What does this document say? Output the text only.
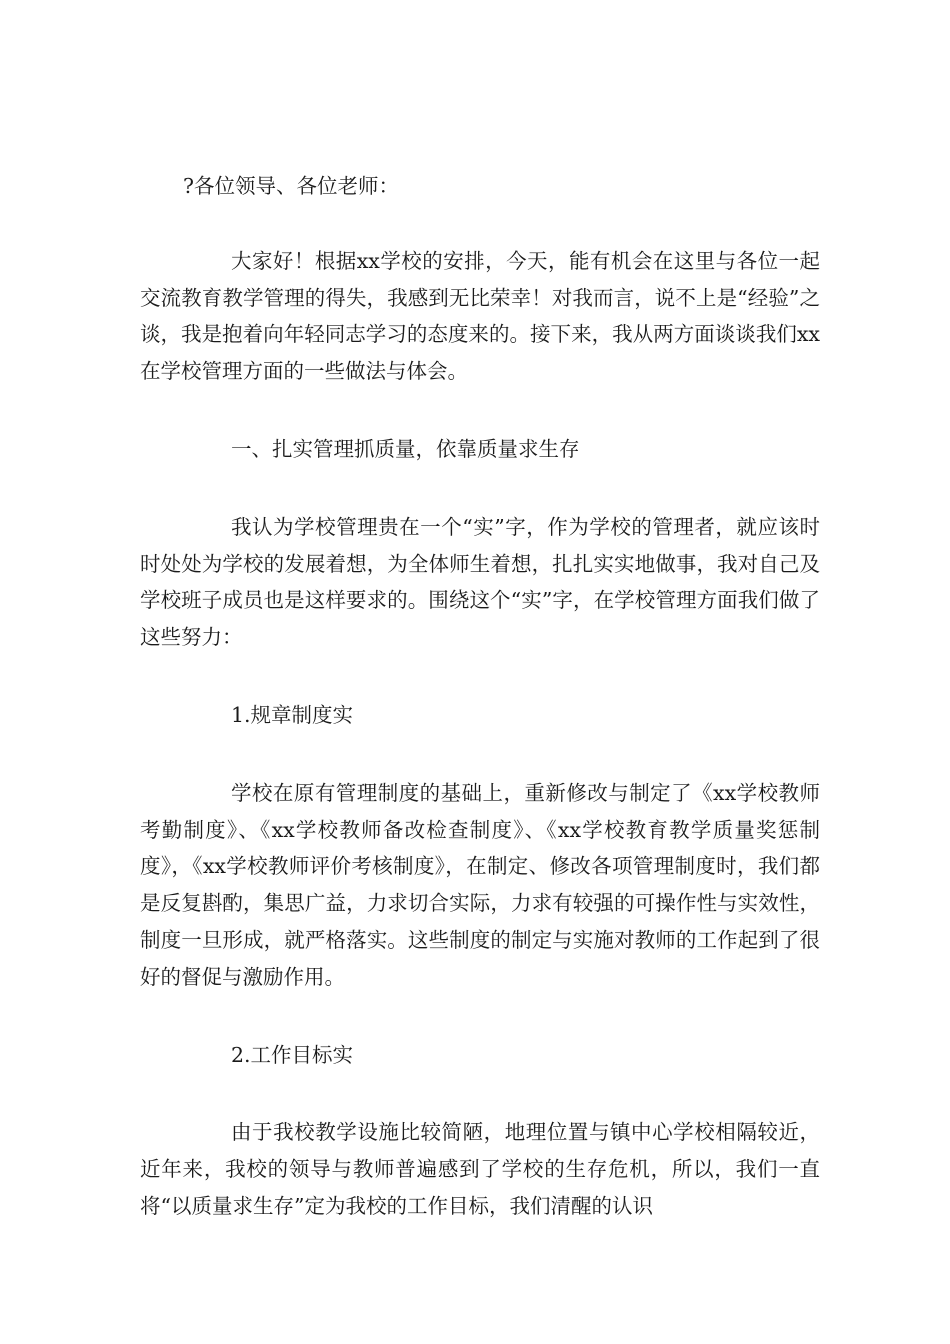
?各位领导、各位老师：

大家好！根据xx学校的安排，今天，能有机会在这里与各位一起交流教育教学管理的得失，我感到无比荣幸！对我而言，说不上是“经验”之谈，我是抱着向年轻同志学习的态度来的。接下来，我从两方面谈谈我们xx在学校管理方面的一些做法与体会。

一、扎实管理抓质量，依靠质量求生存

我认为学校管理贵在一个“实”字，作为学校的管理者，就应该时时处处为学校的发展着想，为全体师生着想，扎扎实实地做事，我对自己及学校班子成员也是这样要求的。围绕这个“实”字，在学校管理方面我们做了这些努力：

1.规章制度实

学校在原有管理制度的基础上，重新修改与制定了《xx学校教师考勤制度》、《xx学校教师备改检查制度》、《xx学校教育教学质量奖惩制度》，《xx学校教师评价考核制度》，在制定、修改各项管理制度时，我们都是反复斟酌，集思广益，力求切合实际，力求有较强的可操作性与实效性，制度一旦形成，就严格落实。这些制度的制定与实施对教师的工作起到了很好的督促与激励作用。

2.工作目标实

由于我校教学设施比较简陋，地理位置与镇中心学校相隔较近，近年来，我校的领导与教师普遍感到了学校的生存危机，所以，我们一直将“以质量求生存”定为我校的工作目标，我们清醒的认识
